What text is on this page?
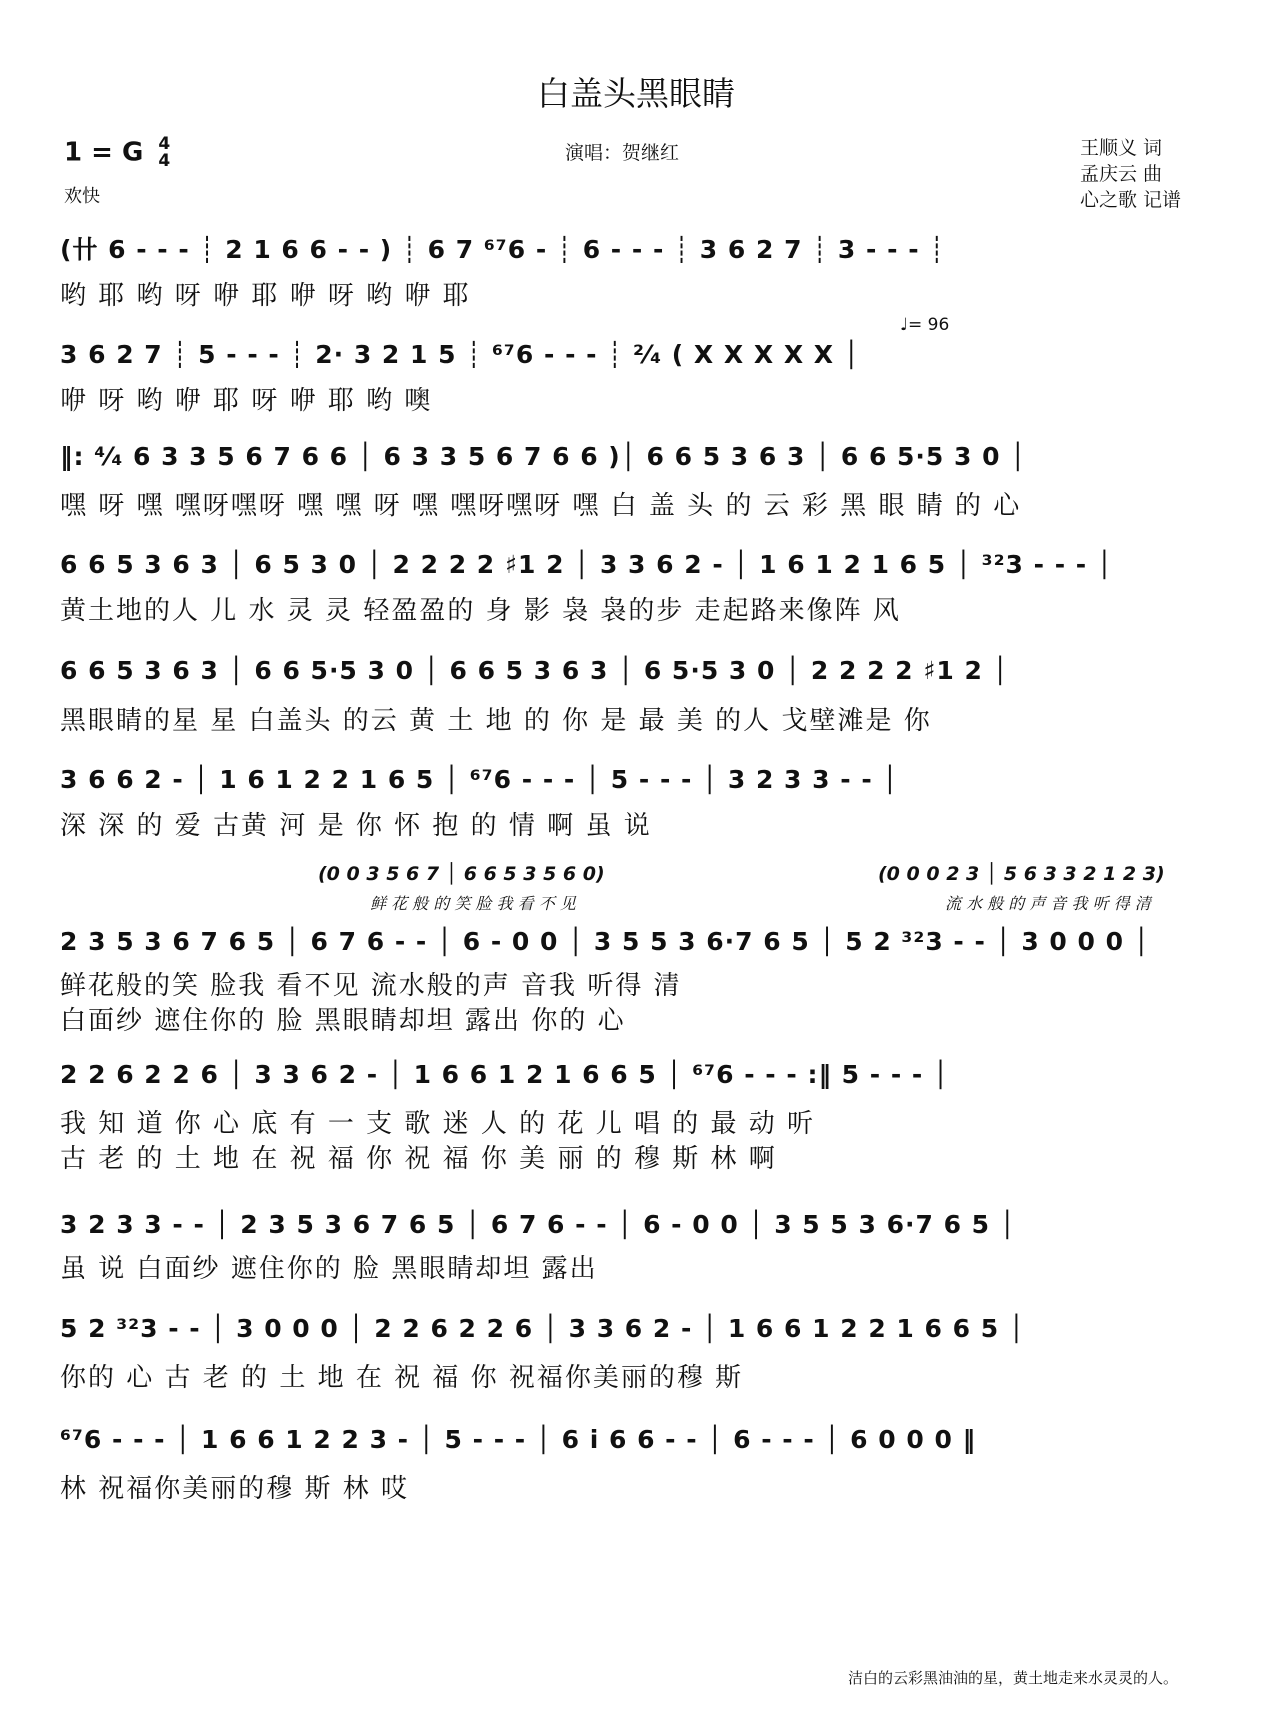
白盖头黑眼睛
1 = G 4
4
欢快
演唱：贺继红	王顺义 词
孟庆云 曲
心之歌 记谱
(卄 6 - - - ┊ 2 1 6 6 - - ) ┊ 6 7 ⁶⁷6 - ┊ 6 - - - ┊ 3 6 2 7 ┊ 3 - - - ┊
哟 耶 哟 呀 咿 耶 咿 呀 哟 咿 耶
♩= 96
3 6 2 7 ┊ 5 - - - ┊ 2· 3 2 1 5 ┊ ⁶⁷6 - - - ┊ ²⁄₄ ( X X X X X │
咿 呀 哟 咿 耶 呀 咿 耶 哟 噢
‖: ⁴⁄₄ 6 3 3 5 6 7 6 6 │ 6 3 3 5 6 7 6 6 )│ 6 6 5 3 6 3 │ 6 6 5·5 3 0 │
嘿 呀 嘿 嘿呀嘿呀 嘿 嘿 呀 嘿 嘿呀嘿呀 嘿 白 盖 头 的 云 彩 黑 眼 睛 的 心
6 6 5 3 6 3 │ 6 5 3 0 │ 2 2 2 2 ♯1 2 │ 3 3 6 2 - │ 1 6 1 2 1 6 5 │ ³²3 - - - │
黄土地的人 儿 水 灵 灵 轻盈盈的 身 影 袅 袅的步 走起路来像阵 风
6 6 5 3 6 3 │ 6 6 5·5 3 0 │ 6 6 5 3 6 3 │ 6 5·5 3 0 │ 2 2 2 2 ♯1 2 │
黑眼睛的星 星 白盖头 的云 黄 土 地 的 你 是 最 美 的人 戈壁滩是 你
3 6 6 2 - │ 1 6 1 2 2 1 6 5 │ ⁶⁷6 - - - │ 5 - - - │ 3 2 3 3 - - │
深 深 的 爱 古黄 河 是 你 怀 抱 的 情 啊 虽 说
(0 0 3 5 6 7 │ 6 6 5 3 5 6 0)
鲜 花 般 的 笑 脸 我 看 不 见
(0 0 0 2 3 │ 5 6 3 3 2 1 2 3)
流 水 般 的 声 音 我 听 得 清
2 3 5 3 6 7 6 5 │ 6 7 6 - - │ 6 - 0 0 │ 3 5 5 3 6·7 6 5 │ 5 2 ³²3 - - │ 3 0 0 0 │
鲜花般的笑 脸我 看不见 流水般的声 音我 听得 清
白面纱 遮住你的 脸 黑眼睛却坦 露出 你的 心
2 2 6 2 2 6 │ 3 3 6 2 - │ 1 6 6 1 2 1 6 6 5 │ ⁶⁷6 - - - :‖ 5 - - - │
我 知 道 你 心 底 有 一 支 歌 迷 人 的 花 儿 唱 的 最 动 听
古 老 的 土 地 在 祝 福 你 祝 福 你 美 丽 的 穆 斯 林 啊
3 2 3 3 - - │ 2 3 5 3 6 7 6 5 │ 6 7 6 - - │ 6 - 0 0 │ 3 5 5 3 6·7 6 5 │
虽 说 白面纱 遮住你的 脸 黑眼睛却坦 露出
5 2 ³²3 - - │ 3 0 0 0 │ 2 2 6 2 2 6 │ 3 3 6 2 - │ 1 6 6 1 2 2 1 6 6 5 │
你的 心 古 老 的 土 地 在 祝 福 你 祝福你美丽的穆 斯
⁶⁷6 - - - │ 1 6 6 1 2 2 3 - │ 5 - - - │ 6 i 6 6 - - │ 6 - - - │ 6 0 0 0 ‖
林 祝福你美丽的穆 斯 林 哎
洁白的云彩黑油油的星，黄土地走来水灵灵的人。
